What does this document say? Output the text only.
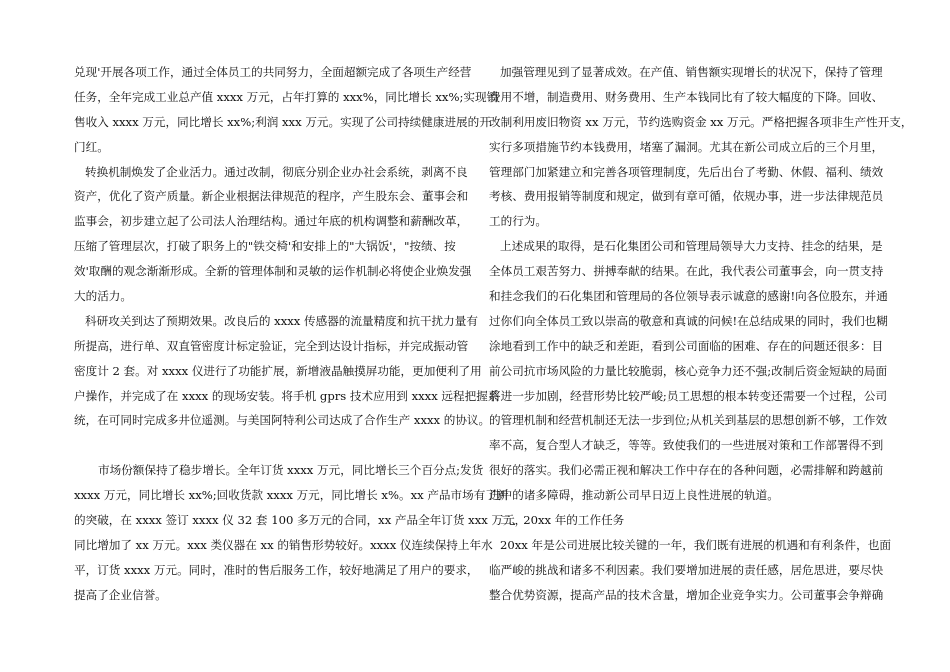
兑现'开展各项工作，通过全体员工的共同努力，全面超额完成了各项生产经营
任务，全年完成工业总产值 xxxx 万元，占年打算的 xxx%，同比增长 xx%;实现销
售收入 xxxx 万元，同比增长 xx%;利润 xxx 万元。实现了公司持续健康进展的开
门红。
转换机制焕发了企业活力。通过改制，彻底分别企业办社会系统，剥离不良
资产，优化了资产质量。新企业根据法律规范的程序，产生股东会、董事会和
监事会，初步建立起了公司法人治理结构。通过年底的机构调整和薪酬改革，
压缩了管理层次，打破了职务上的"铁交椅'和安排上的"大锅饭'，"按绩、按
效'取酬的观念渐渐形成。全新的管理体制和灵敏的运作机制必将使企业焕发强
大的活力。
科研攻关到达了预期效果。改良后的 xxxx 传感器的流量精度和抗干扰力量有
所提高，进行单、双直管密度计标定验证，完全到达设计指标，并完成振动管
密度计 2 套。对 xxxx 仪进行了功能扩展，新增液晶触摸屏功能，更加便利了用
户操作，并完成了在 xxxx 的现场安装。将手机 gprs 技术应用到 xxxx 远程把握系
统，在可同时完成多井位遥测。与美国阿特利公司达成了合作生产 xxxx 的协议。
市场份额保持了稳步增长。全年订货 xxxx 万元，同比增长三个百分点;发货
xxxx 万元，同比增长 xx%;回收货款 xxxx 万元，同比增长 x%。xx 产品市场有了新
的突破，在 xxxx 签订 xxxx 仪 32 套 100 多万元的合同，xx 产品全年订货 xxx 万元，
同比增加了 xx 万元。xxx 类仪器在 xx 的销售形势较好。xxxx 仪连续保持上年水
平，订货 xxxx 万元。同时，准时的售后服务工作，较好地满足了用户的要求，
提高了企业信誉。
加强管理见到了显著成效。在产值、销售额实现增长的状况下，保持了管理
费用不增，制造费用、财务费用、生产本钱同比有了较大幅度的下降。回收、
改制利用废旧物资 xx 万元，节约选购资金 xx 万元。严格把握各项非生产性开支，
实行多项措施节约本钱费用，堵塞了漏洞。尤其在新公司成立后的三个月里，
管理部门加紧建立和完善各项管理制度，先后出台了考勤、休假、福利、绩效
考核、费用报销等制度和规定，做到有章可循，依规办事，进一步法律规范员
工的行为。
上述成果的取得，是石化集团公司和管理局领导大力支持、挂念的结果，是
全体员工艰苦努力、拼搏奉献的结果。在此，我代表公司董事会，向一贯支持
和挂念我们的石化集团和管理局的各位领导表示诚意的感谢!向各位股东，并通
过你们向全体员工致以崇高的敬意和真诚的问候!在总结成果的同时，我们也糊
涂地看到工作中的缺乏和差距，看到公司面临的困难、存在的问题还很多：目
前公司抗市场风险的力量比较脆弱，核心竞争力还不强;改制后资金短缺的局面
将进一步加剧，经营形势比较严峻;员工思想的根本转变还需要一个过程，公司
的管理机制和经营机制还无法一步到位;从机关到基层的思想创新不够，工作效
率不高，复合型人才缺乏，等等。致使我们的一些进展对策和工作部署得不到
很好的落实。我们必需正视和解决工作中存在的各种问题，必需排解和跨越前
进中的诸多障碍，推动新公司早日迈上良性进展的轨道。
二、20xx 年的工作任务
20xx 年是公司进展比较关键的一年，我们既有进展的机遇和有利条件，也面
临严峻的挑战和诸多不利因素。我们要增加进展的责任感，居危思进，要尽快
整合优势资源，提高产品的技术含量，增加企业竞争实力。公司董事会争辩确
